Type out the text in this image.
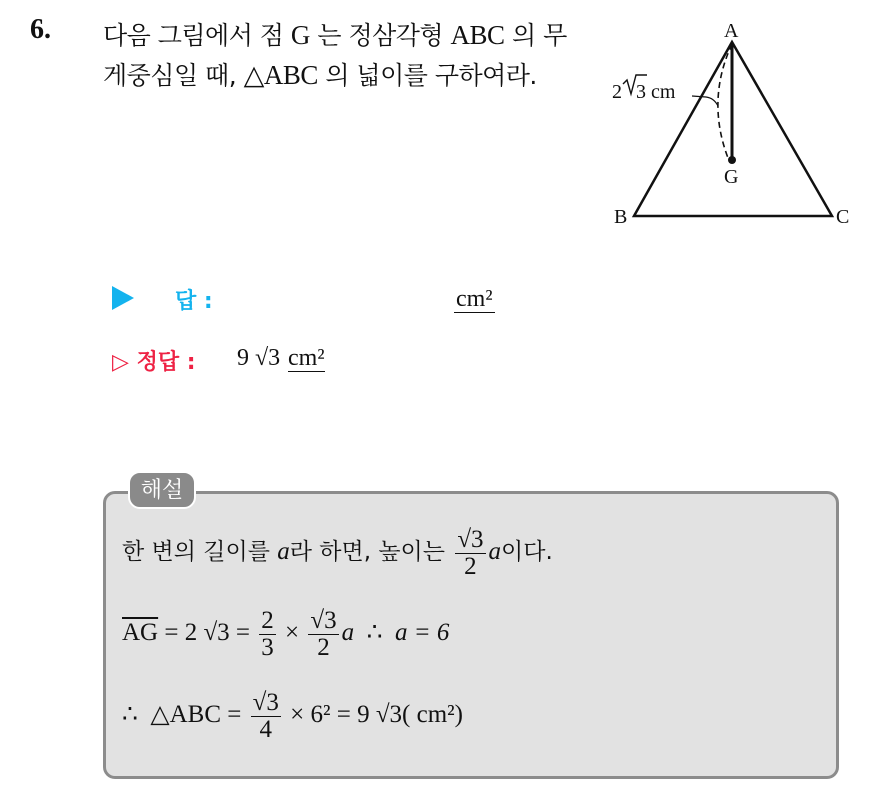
6. 다음 그림에서 점 G 는 정삼각형 ABC 의 무
게중심일 때, △ABC 의 넓이를 구하여라.
A
B	C
G
2 3 cm
답 :	cm²
▷ 정답 : 9 √3 cm²
해설
한 변의 길이를 a라 하면, 높이는 $\frac{√3}{2}$ a이다.
$\overline{AG} = 2$ $√3 = \frac{2}{3} \times \frac{√3}{2}$ a  ∴  a = 6
∴  △ABC = $\frac{√3}{4} \times 6^2 = 9$ √3( cm²)
